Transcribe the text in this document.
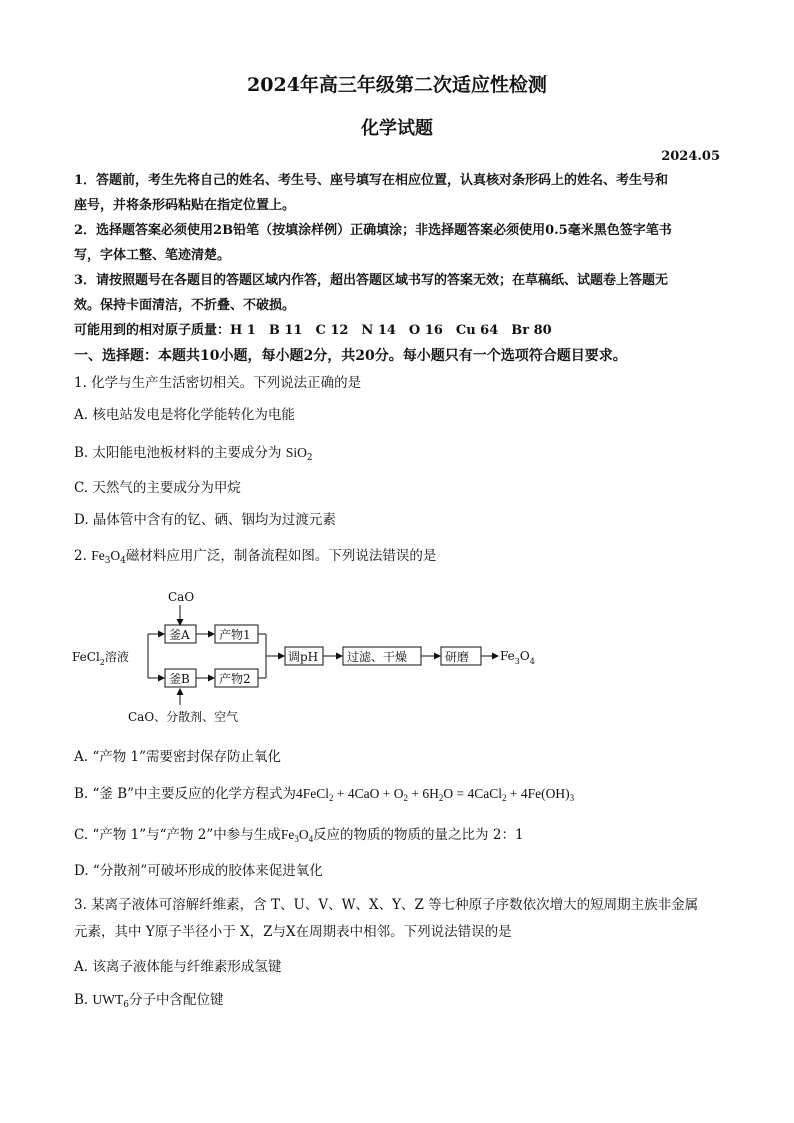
2024年高三年级第二次适应性检测
化学试题
2024.05
1．答题前，考生先将自己的姓名、考生号、座号填写在相应位置，认真核对条形码上的姓名、考生号和
座号，并将条形码粘贴在指定位置上。
2．选择题答案必须使用2B铅笔（按填涂样例）正确填涂；非选择题答案必须使用0.5毫米黑色签字笔书
写，字体工整、笔迹清楚。
3．请按照题号在各题目的答题区域内作答，超出答题区域书写的答案无效；在草稿纸、试题卷上答题无
效。保持卡面清洁，不折叠、不破损。
可能用到的相对原子质量：H 1　B 11　C 12　N 14　O 16　Cu 64　Br 80
一、选择题：本题共10小题，每小题2分，共20分。每小题只有一个选项符合题目要求。
1. 化学与生产生活密切相关。下列说法正确的是
A. 核电站发电是将化学能转化为电能
B. 太阳能电池板材料的主要成分为 SiO$_2$
C. 天然气的主要成分为甲烷
D. 晶体管中含有的钇、硒、铟均为过渡元素
2. $Fe_3O_4$磁材料应用广泛，制备流程如图。下列说法错误的是
CaO
FeCl$_2$溶液
釜A 产物1
釜B 产物2
CaO、分散剂、空气
调pH 过滤、干燥	研磨	$Fe_3O_4$
A. “产物 1”需要密封保存防止氧化
B. “釜 B”中主要反应的化学方程式为4FeCl$_2$ + $4CaO + O_2 + 6H_2O$ = 4CaCl$_2$ + $4Fe(OH)_3$
C. “产物 1”与“产物 2”中参与生成$Fe_3O_4$反应的物质的物质的量之比为 2：1
D. “分散剂”可破坏形成的胶体来促进氧化
3. 某离子液体可溶解纤维素，含 T、U、V、W、X、Y、Z 等七种原子序数依次增大的短周期主族非金属
元素，其中 Y原子半径小于 X，Z与X在周期表中相邻。下列说法错误的是
A. 该离子液体能与纤维素形成氢键
B. $UWT_6$分子中含配位键
